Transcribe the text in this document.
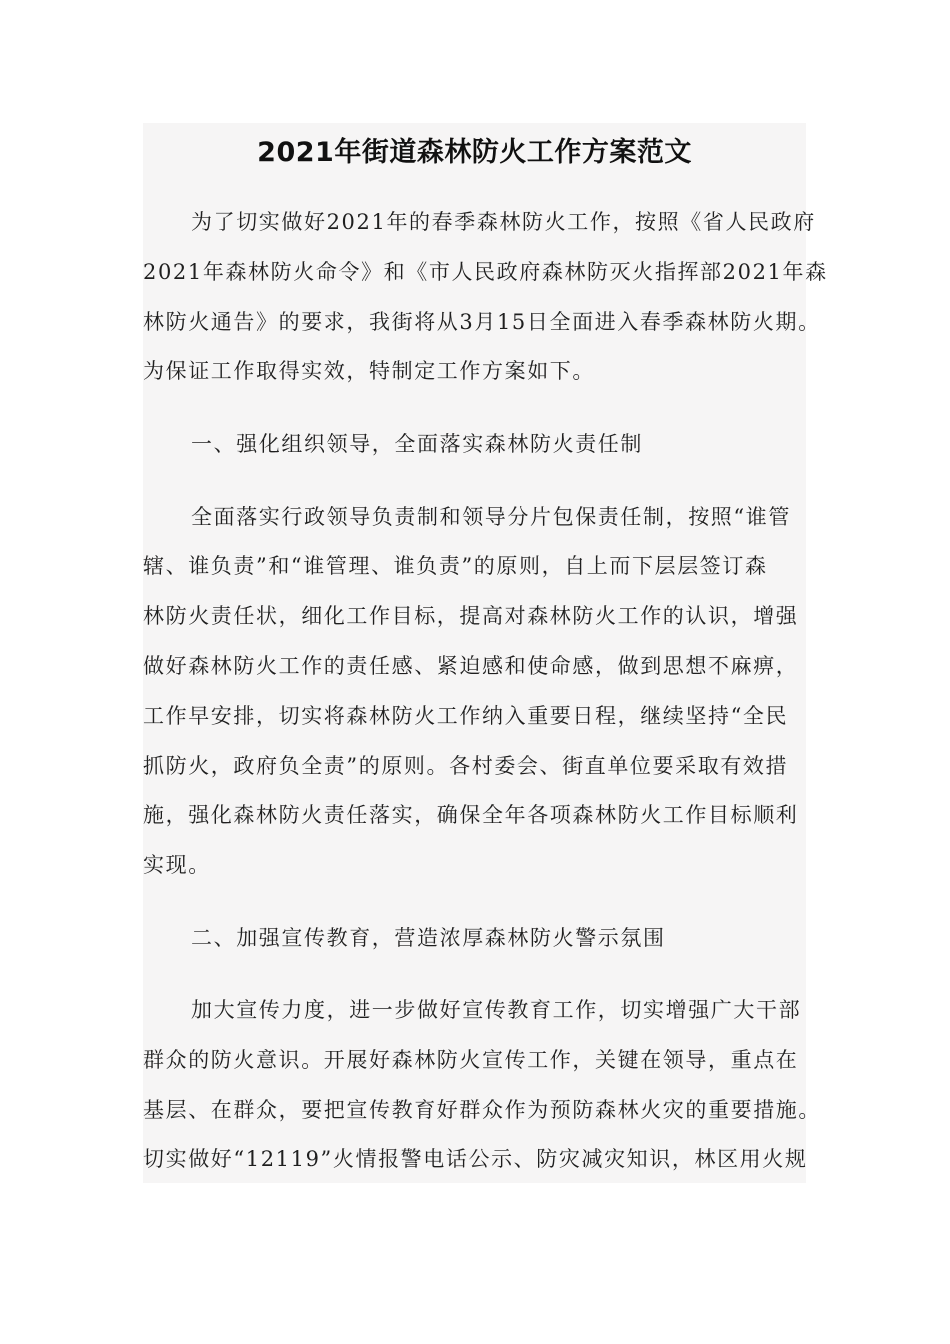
2021年街道森林防火工作方案范文
为了切实做好2021年的春季森林防火工作，按照《省人民政府
2021年森林防火命令》和《市人民政府森林防灭火指挥部2021年森
林防火通告》的要求，我街将从3月15日全面进入春季森林防火期。
为保证工作取得实效，特制定工作方案如下。
一、强化组织领导，全面落实森林防火责任制
全面落实行政领导负责制和领导分片包保责任制，按照“谁管
辖、谁负责”和“谁管理、谁负责”的原则，自上而下层层签订森
林防火责任状，细化工作目标，提高对森林防火工作的认识，增强
做好森林防火工作的责任感、紧迫感和使命感，做到思想不麻痹，
工作早安排，切实将森林防火工作纳入重要日程，继续坚持“全民
抓防火，政府负全责”的原则。各村委会、街直单位要采取有效措
施，强化森林防火责任落实，确保全年各项森林防火工作目标顺利
实现。
二、加强宣传教育，营造浓厚森林防火警示氛围
加大宣传力度，进一步做好宣传教育工作，切实增强广大干部
群众的防火意识。开展好森林防火宣传工作，关键在领导，重点在
基层、在群众，要把宣传教育好群众作为预防森林火灾的重要措施。
切实做好“12119”火情报警电话公示、防灾减灾知识，林区用火规
